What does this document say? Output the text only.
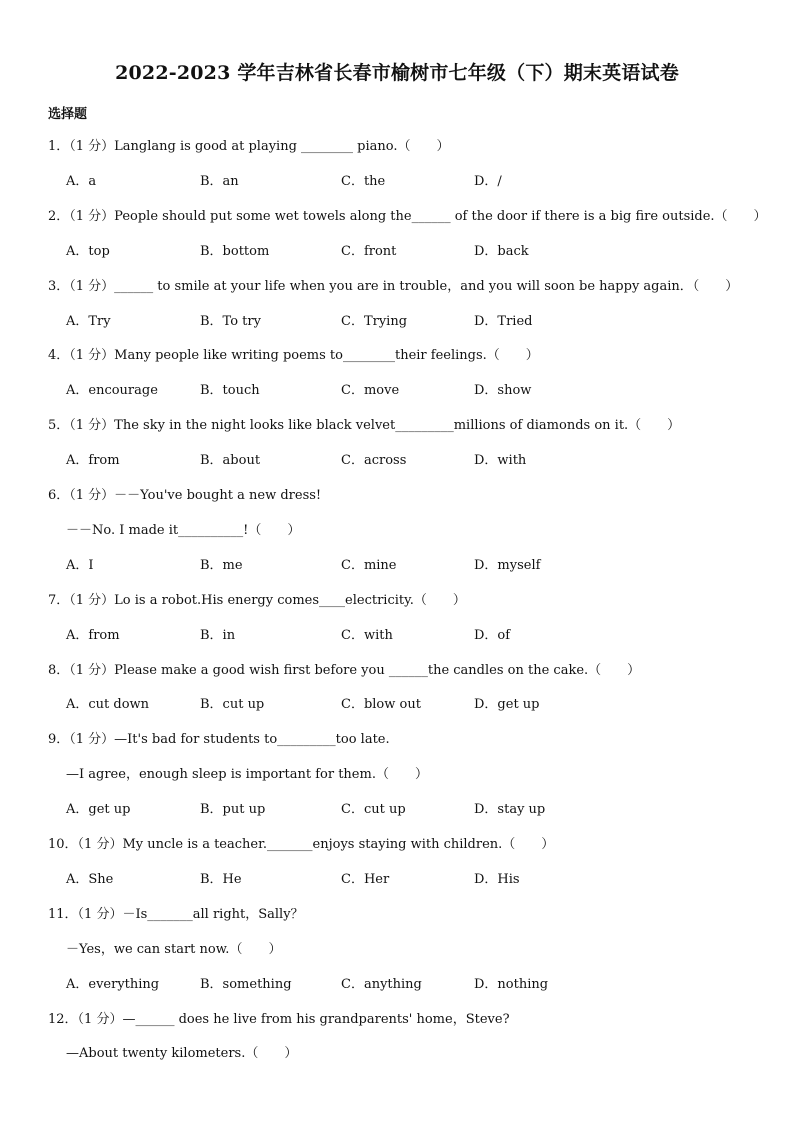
2022-2023 学年吉林省长春市榆树市七年级（下）期末英语试卷
选择题
1．（1 分）Langlang is good at playing ________ piano.（　　）
A．a	B．an	C．the	D．/
2．（1 分）People should put some wet towels along the______ of the door if there is a big fire outside.（　　）
A．top	B．bottom	C．front	D．back
3．（1 分）______ to smile at your life when you are in trouble，and you will soon be happy again．（　　）
A．Try	B．To try	C．Trying	D．Tried
4．（1 分）Many people like writing poems to________their feelings.（　　）
A．encourage	B．touch	C．move	D．show
5．（1 分）The sky in the night looks like black velvet_________millions of diamonds on it.（　　）
A．from	B．about	C．across	D．with
6．（1 分）－－You've bought a new dress!
－－No. I made it__________!（　　）
A．I	B．me	C．mine	D．myself
7．（1 分）Lo is a robot.His energy comes____electricity.（　　）
A．from	B．in	C．with	D．of
8．（1 分）Please make a good wish first before you ______the candles on the cake.（　　）
A．cut down	B．cut up	C．blow out	D．get up
9．（1 分）—It's bad for students to_________too late.
—I agree，enough sleep is important for them.（　　）
A．get up	B．put up	C．cut up	D．stay up
10．（1 分）My uncle is a teacher._______enjoys staying with children.（　　）
A．She	B．He	C．Her	D．His
11．（1 分）－Is_______all right，Sally？
－Yes，we can start now.（　　）
A．everything	B．something	C．anything	D．nothing
12．（1 分）—______ does he live from his grandparents' home，Steve?
—About twenty kilometers.（　　）
